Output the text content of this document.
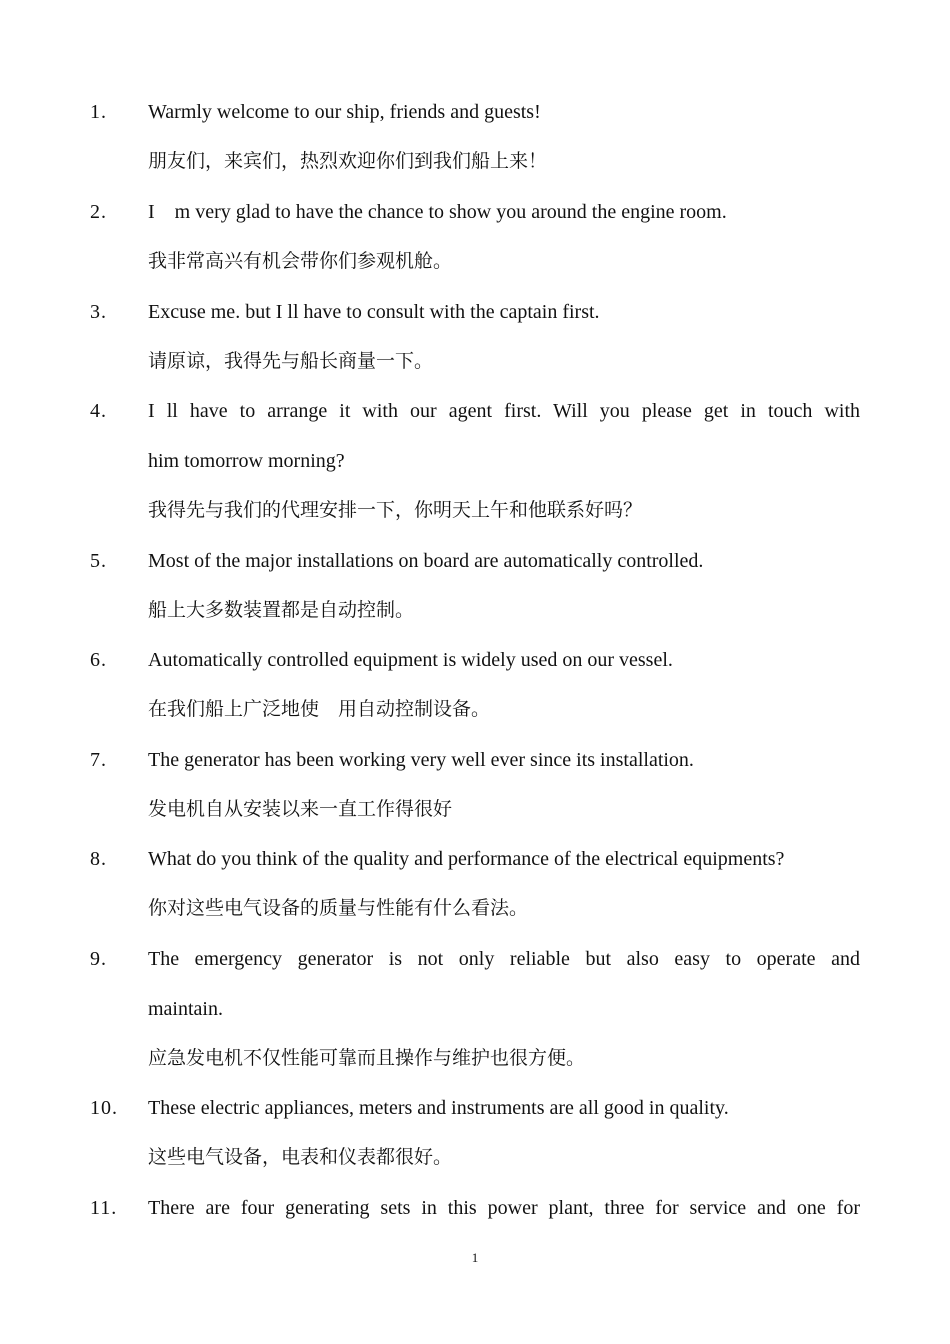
1.	Warmly welcome to our ship, friends and guests!
朋友们，来宾们，热烈欢迎你们到我们船上来！
2.	I　m very glad to have the chance to show you around the engine room.
我非常高兴有机会带你们参观机舱。
3.	Excuse me. but I ll have to consult with the captain first.
请原谅，我得先与船长商量一下。
4.	I ll have to arrange it with our agent first. Will you please get in touch with
him tomorrow morning?
我得先与我们的代理安排一下，你明天上午和他联系好吗？
5.	Most of the major installations on board are automatically controlled.
船上大多数装置都是自动控制。
6.	Automatically controlled equipment is widely used on our vessel.
在我们船上广泛地使　用自动控制设备。
7.	The generator has been working very well ever since its installation.
发电机自从安装以来一直工作得很好
8.	What do you think of the quality and performance of the electrical equipments?
你对这些电气设备的质量与性能有什么看法。
9.	The emergency generator is not only reliable but also easy to operate and
maintain.
应急发电机不仅性能可靠而且操作与维护也很方便。
10.	These electric appliances, meters and instruments are all good in quality.
这些电气设备，电表和仪表都很好。
11.	There are four generating sets in this power plant, three for service and one for
1
